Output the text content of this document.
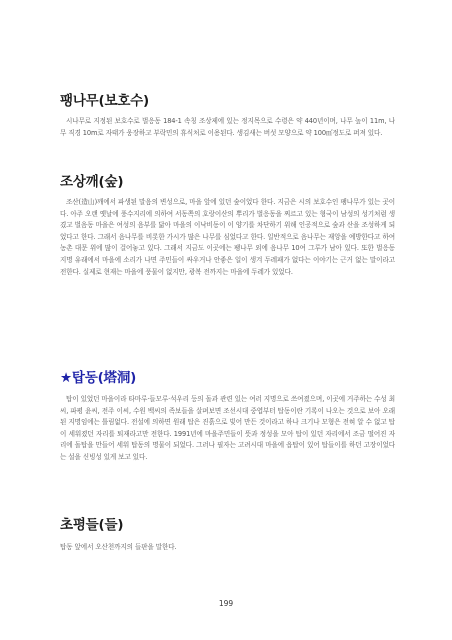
팽나무(보호수)

시나무로 지정된 보호수로 벌응동 184-1 속칭 조상제에 있는 정지목으로 수령은 약 440년이며, 나무 높이 11m, 나무 직경 10m로 자태가 웅장하고 부락민의 휴식처로 이용된다. 생김새는 버섯 모양으로 약 100㎡정도로 퍼져 있다.

조상깨(숲)

조산(造山)깨에서 파생된 말음의 변성으로, 마을 앞에 있던 숲이었다 한다. 지금은 시의 보호수인 팽나무가 있는 곳이다. 아주 오랜 옛날에 풍수지리에 의하여 서동쪽의 호랑이산의 뿌리가 벌응동을 찌르고 있는 형국이 남성의 성기처럼 생겼고 벌음동 마을은 여성의 음부를 닮아 마을의 이낙비동이 이 양기를 차단하기 위해 인공적으로 숲과 산을 조성하게 되었다고 한다. 그래서 음나무를 비롯한 가시가 많은 나무를 심었다고 한다. 일반적으로 음나무는 재앙을 예방한다고 하여 농촌 대문 위에 많이 걸어놓고 있다. 그래서 지금도 이곳에는 팽나무 외에 음나무 10여 그루가 남아 있다. 또한 벌응동 지명 유래에서 마을에 소리가 나면 주민들이 싸우거나 안좋은 일이 생겨 두레패가 없다는 이야기는 근거 없는 말이라고 전한다. 실제로 현재는 마을에 풍물이 없지만, 광복 전까지는 마을에 두레가 있었다.

★탑동(塔洞)

탑이 있었던 마을이라 타마루·들모루·석우리 등의 돌과 관련 있는 여러 지명으로 쓰여졌으며, 이곳에 거주하는 수성 최씨, 파평 윤씨, 전주 이씨, 수원 백씨의 족보들을 살펴보면 조선시대 중엽부터 탑동이란 기록이 나오는 것으로 보아 오래된 지명임에는 틀림없다. 전설에 의하면 원래 탑은 진흙으로 빚어 만든 것이라고 하나 크기나 모형은 전혀 알 수 없고 탑이 세워졌던 자리를 퇴재라고만 전한다. 1991년에 마을주민들이 뜻과 정성을 모아 탑이 있던 자리에서 조금 떨어진 자리에 돌탑을 만들어 세워 탑동의 명물이 되었다. 그러나 필자는 고려시대 마을에 읍탑이 있어 탑들이를 하던 고장이었다는 설을 신빙성 있게 보고 있다.

초평들(들)

탑동 앞에서 오산천까지의 들판을 말한다.

199
